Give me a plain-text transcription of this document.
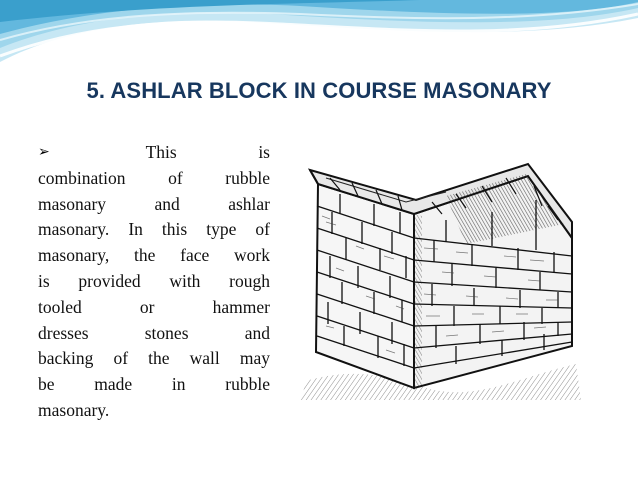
5. ASHLAR BLOCK IN COURSE MASONARY
➢	This	is
combination of rubble
masonary	and	ashlar
masonary. In this type of
masonary, the face work
is provided with rough
tooled	or	hammer
dresses	stones	and
backing of the wall may
be made in rubble
masonary.
